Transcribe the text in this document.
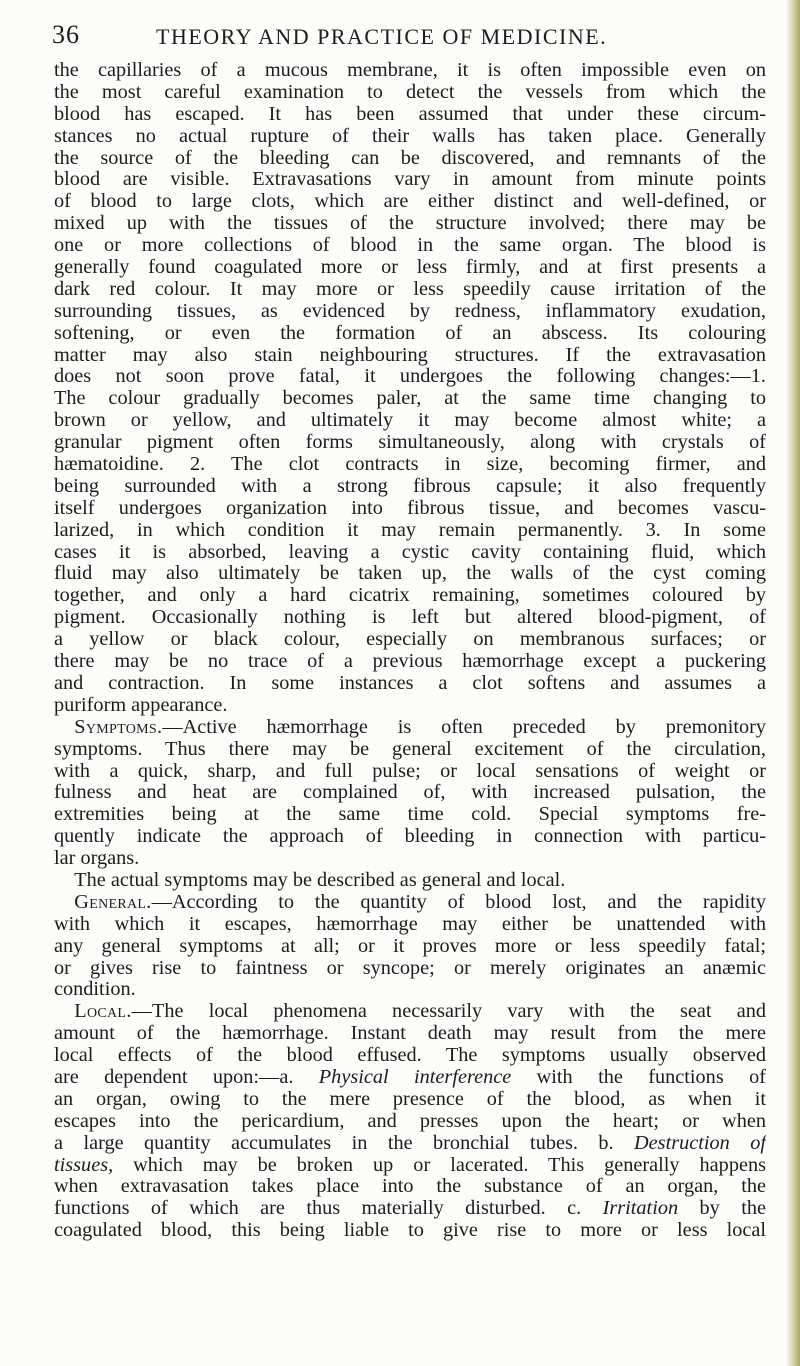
36	THEORY AND PRACTICE OF MEDICINE.
the capillaries of a mucous membrane, it is often impossible even on
the most careful examination to detect the vessels from which the
blood has escaped. It has been assumed that under these circum-
stances no actual rupture of their walls has taken place. Generally
the source of the bleeding can be discovered, and remnants of the
blood are visible. Extravasations vary in amount from minute points
of blood to large clots, which are either distinct and well-defined, or
mixed up with the tissues of the structure involved; there may be
one or more collections of blood in the same organ. The blood is
generally found coagulated more or less firmly, and at first presents a
dark red colour. It may more or less speedily cause irritation of the
surrounding tissues, as evidenced by redness, inflammatory exudation,
softening, or even the formation of an abscess. Its colouring
matter may also stain neighbouring structures. If the extravasation
does not soon prove fatal, it undergoes the following changes:—1.
The colour gradually becomes paler, at the same time changing to
brown or yellow, and ultimately it may become almost white; a
granular pigment often forms simultaneously, along with crystals of
hæmatoidine. 2. The clot contracts in size, becoming firmer, and
being surrounded with a strong fibrous capsule; it also frequently
itself undergoes organization into fibrous tissue, and becomes vascu-
larized, in which condition it may remain permanently. 3. In some
cases it is absorbed, leaving a cystic cavity containing fluid, which
fluid may also ultimately be taken up, the walls of the cyst coming
together, and only a hard cicatrix remaining, sometimes coloured by
pigment. Occasionally nothing is left but altered blood-pigment, of
a yellow or black colour, especially on membranous surfaces; or
there may be no trace of a previous hæmorrhage except a puckering
and contraction. In some instances a clot softens and assumes a
puriform appearance.
 Symptoms.—Active hæmorrhage is often preceded by premonitory
symptoms. Thus there may be general excitement of the circulation,
with a quick, sharp, and full pulse; or local sensations of weight or
fulness and heat are complained of, with increased pulsation, the
extremities being at the same time cold. Special symptoms fre-
quently indicate the approach of bleeding in connection with particu-
lar organs.
 The actual symptoms may be described as general and local.
 General.—According to the quantity of blood lost, and the rapidity
with which it escapes, hæmorrhage may either be unattended with
any general symptoms at all; or it proves more or less speedily fatal;
or gives rise to faintness or syncope; or merely originates an anæmic
condition.
 Local.—The local phenomena necessarily vary with the seat and
amount of the hæmorrhage. Instant death may result from the mere
local effects of the blood effused. The symptoms usually observed
are dependent upon:—a. Physical interference with the functions of
an organ, owing to the mere presence of the blood, as when it
escapes into the pericardium, and presses upon the heart; or when
a large quantity accumulates in the bronchial tubes. b. Destruction of
tissues, which may be broken up or lacerated. This generally happens
when extravasation takes place into the substance of an organ, the
functions of which are thus materially disturbed. c. Irritation by the
coagulated blood, this being liable to give rise to more or less local
